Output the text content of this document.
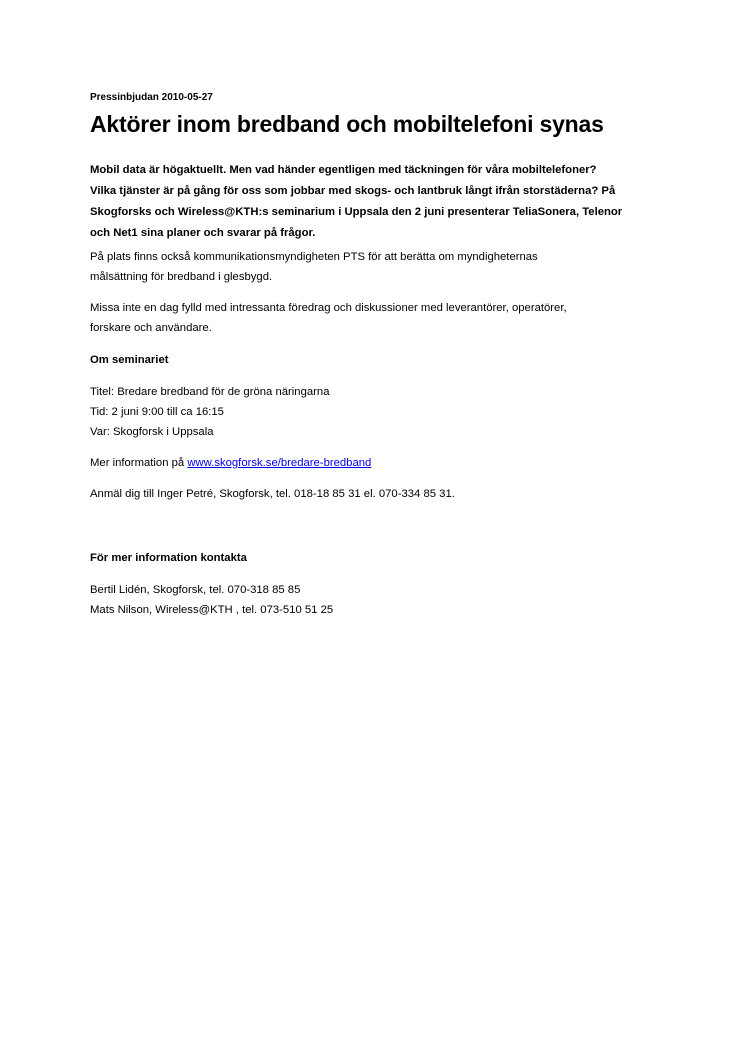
Pressinbjudan 2010-05-27
Aktörer inom bredband och mobiltelefoni synas
Mobil data är högaktuellt. Men vad händer egentligen med täckningen för våra mobiltelefoner?
Vilka tjänster är på gång för oss som jobbar med skogs- och lantbruk långt ifrån storstäderna? På
Skogforsks och Wireless@KTH:s seminarium i Uppsala den 2 juni presenterar TeliaSonera, Telenor
och Net1 sina planer och svarar på frågor.
På plats finns också kommunikationsmyndigheten PTS för att berätta om myndigheternas
målsättning för bredband i glesbygd.
Missa inte en dag fylld med intressanta föredrag och diskussioner med leverantörer, operatörer,
forskare och användare.
Om seminariet
Titel: Bredare bredband för de gröna näringarna
Tid: 2 juni 9:00 till ca 16:15
Var: Skogforsk i Uppsala
Mer information på www.skogforsk.se/bredare-bredband
Anmäl dig till Inger Petré, Skogforsk, tel. 018-18 85 31 el. 070-334 85 31.
För mer information kontakta
Bertil Lidén, Skogforsk, tel. 070-318 85 85
Mats Nilson, Wireless@KTH , tel. 073-510 51 25
